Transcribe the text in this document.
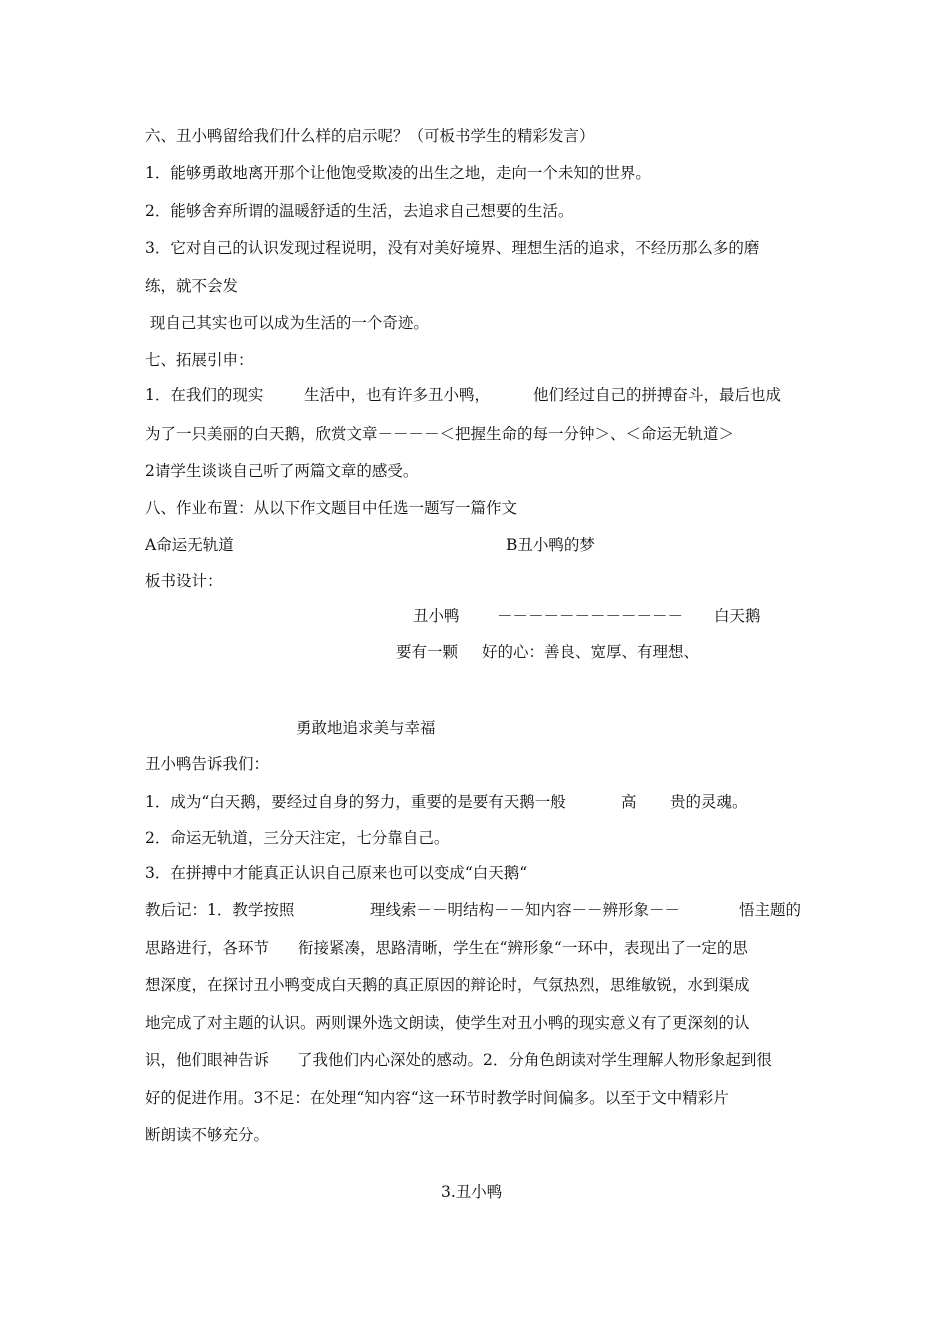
六、丑小鸭留给我们什么样的启示呢？（可板书学生的精彩发言）
1．能够勇敢地离开那个让他饱受欺凌的出生之地，走向一个未知的世界。
2．能够舍弃所谓的温暖舒适的生活，去追求自己想要的生活。
3．它对自己的认识发现过程说明，没有对美好境界、理想生活的追求，不经历那么多的磨
练，就不会发
现自己其实也可以成为生活的一个奇迹。
七、拓展引申：
1．在我们的现实	生活中，也有许多丑小鸭，	他们经过自己的拼搏奋斗，最后也成
为了一只美丽的白天鹅，欣赏文章－－－－＜把握生命的每一分钟＞、＜命运无轨道＞
2请学生谈谈自己听了两篇文章的感受。
八、作业布置：从以下作文题目中任选一题写一篇作文
A命运无轨道	B丑小鸭的梦
板书设计：
丑小鸭 －－－－－－－－－－－－ 白天鹅
要有一颗 好的心：善良、宽厚、有理想、
勇敢地追求美与幸福
丑小鸭告诉我们：
1．成为“白天鹅，要经过自身的努力，重要的是要有天鹅一般	高 贵的灵魂。
2．命运无轨道，三分天注定，七分靠自己。
3．在拼搏中才能真正认识自己原来也可以变成“白天鹅“
教后记：1．教学按照	理线索－－明结构－－知内容－－辨形象－－	悟主题的
思路进行，各环节 衔接紧凑，思路清晰，学生在“辨形象“一环中，表现出了一定的思
想深度，在探讨丑小鸭变成白天鹅的真正原因的辩论时，气氛热烈，思维敏锐，水到渠成
地完成了对主题的认识。两则课外选文朗读，使学生对丑小鸭的现实意义有了更深刻的认
识，他们眼神告诉 了我他们内心深处的感动。2．分角色朗读对学生理解人物形象起到很
好的促进作用。3不足：在处理“知内容“这一环节时教学时间偏多。以至于文中精彩片
断朗读不够充分。
3.丑小鸭
